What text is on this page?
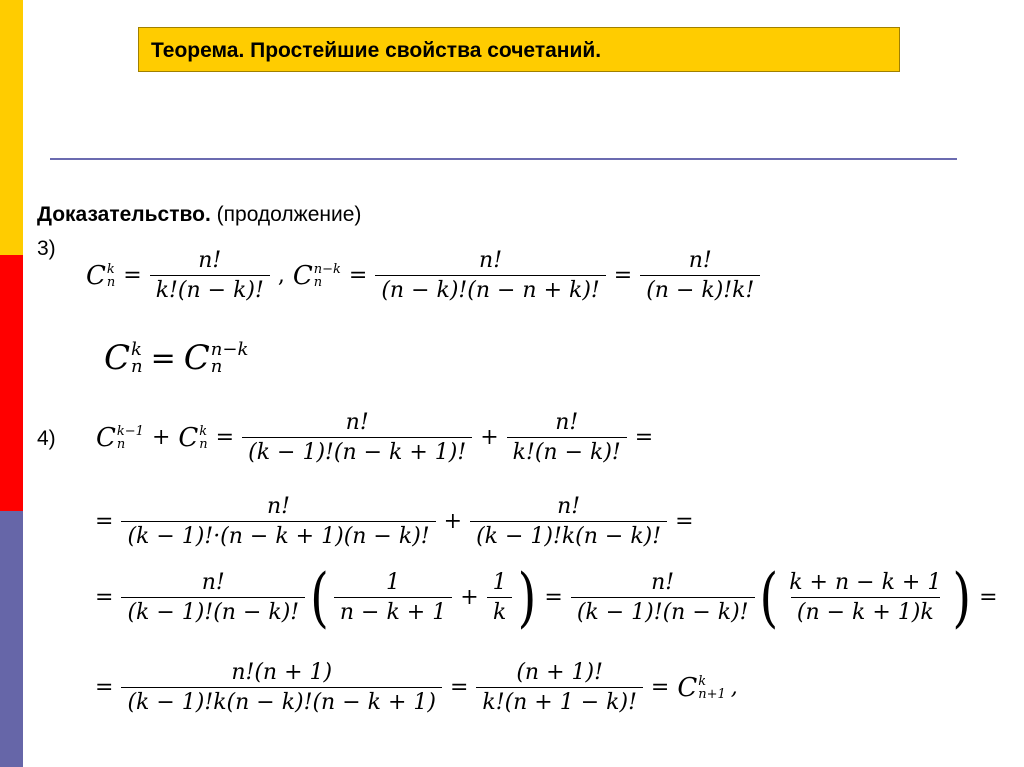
Теорема. Простейшие свойства сочетаний.
Доказательство. (продолжение)
3)
4)
C k
$n = \frac{n!}{k!(n - k)!}$ , C n−k
n	= $\frac{n!}{(n - k)!(n - n + k)!} = \frac{n!}{(n - k)!k!}$
C k
n = C n−k
n
C k−1
n	+ C k
$n = \frac{n!}{(k - 1)!(n - k + 1)!} + \frac{n!}{k!(n - k)!}$ =
= $\frac{n!}{(k - 1)!\cdot(n - k + 1)(n - k)!} + \frac{n!}{(k - 1)!k(n - k)!}$ =
= $\frac{n!}{(k - 1)!(n - k)!}$ ( $\frac{1}{n - k + 1} + \frac{1}{k}$ ) = $\frac{n!}{(k - 1)!(n - k)!}$ ( $\frac{k + n - k + 1}{(n - k + 1)k}$ ) =
= $\frac{n!(n + 1)}{(k - 1)!k(n - k)!(n - k + 1)} = \frac{(n + 1)!}{k!(n + 1 - k)!} = C$ k
n+1 ,
